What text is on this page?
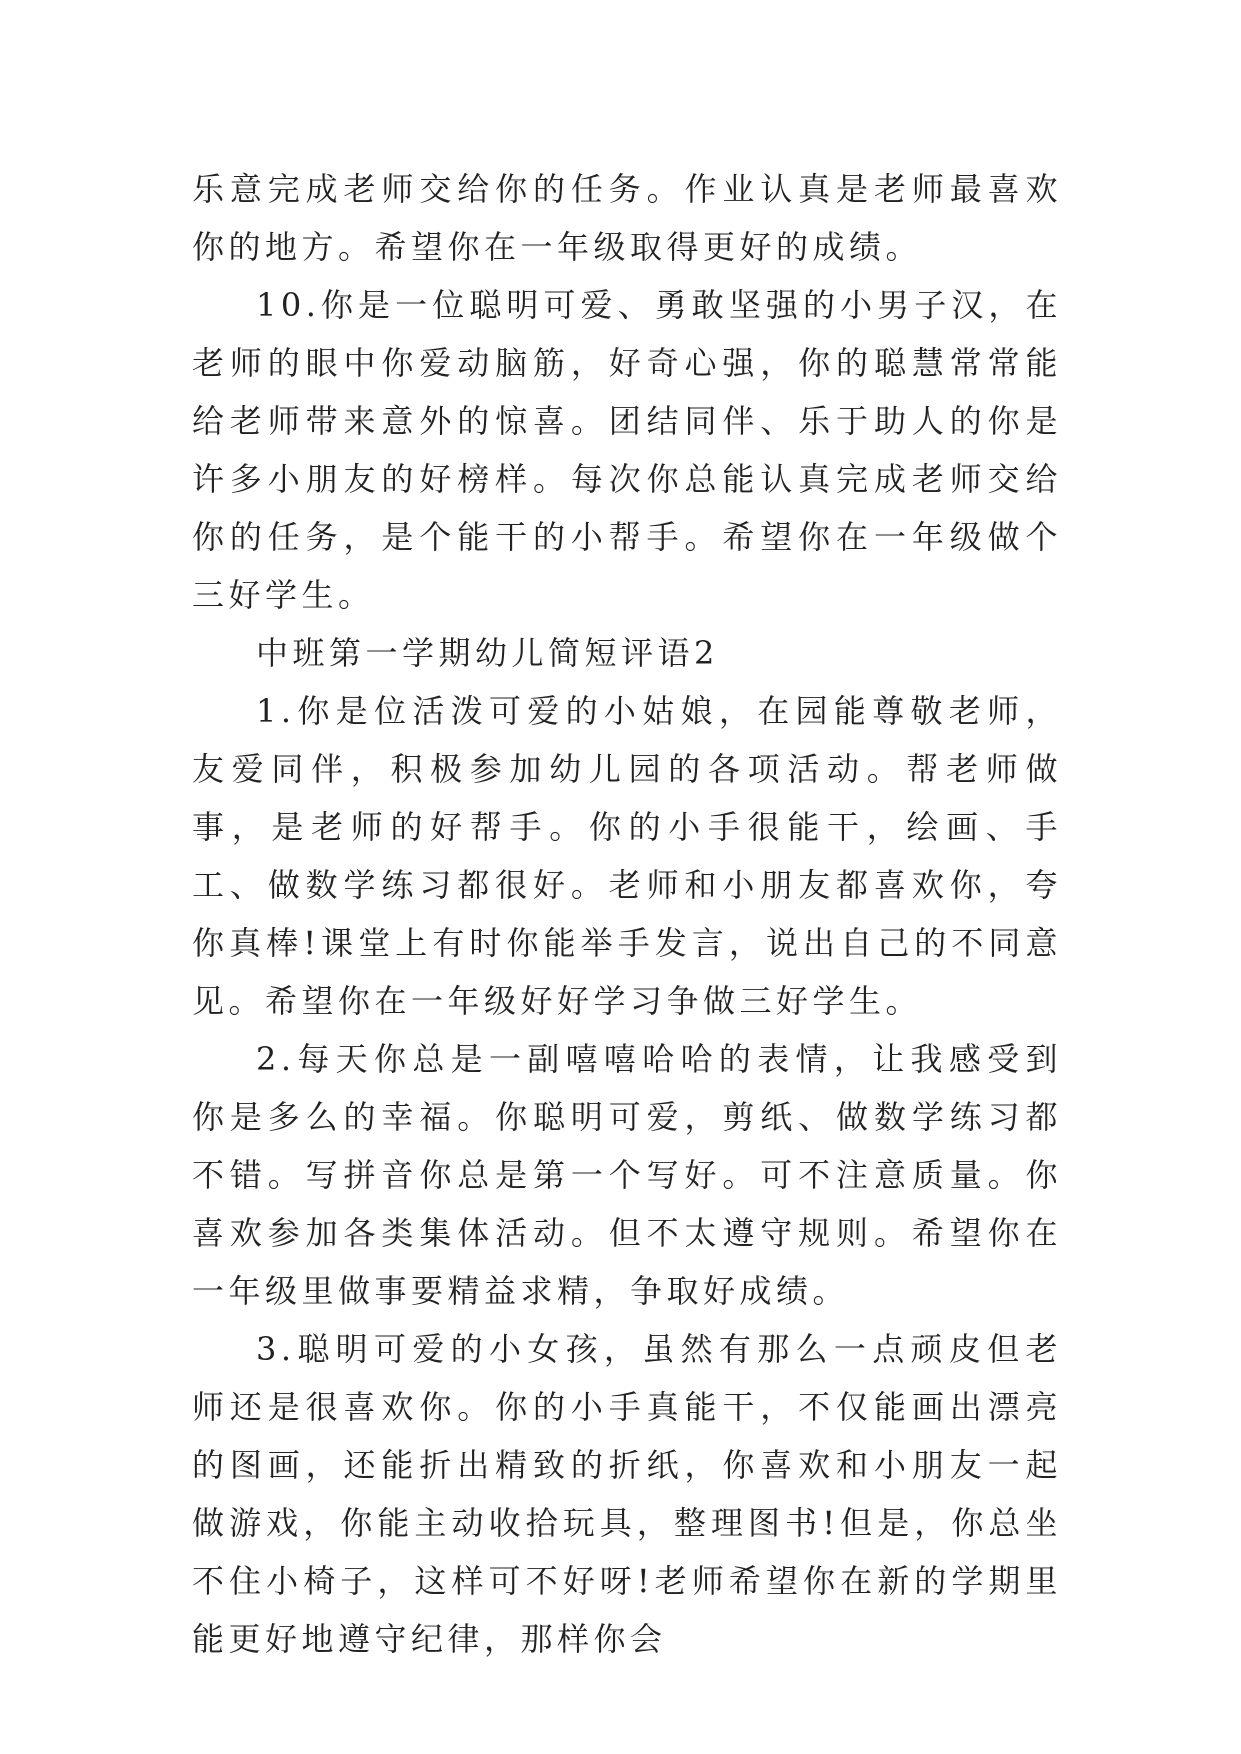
乐意完成老师交给你的任务。作业认真是老师最喜欢你的地方。希望你在一年级取得更好的成绩。

10.你是一位聪明可爱、勇敢坚强的小男子汉，在老师的眼中你爱动脑筋，好奇心强，你的聪慧常常能给老师带来意外的惊喜。团结同伴、乐于助人的你是许多小朋友的好榜样。每次你总能认真完成老师交给你的任务，是个能干的小帮手。希望你在一年级做个三好学生。

中班第一学期幼儿简短评语2

1.你是位活泼可爱的小姑娘，在园能尊敬老师，友爱同伴，积极参加幼儿园的各项活动。帮老师做事，是老师的好帮手。你的小手很能干，绘画、手工、做数学练习都很好。老师和小朋友都喜欢你，夸你真棒!课堂上有时你能举手发言，说出自己的不同意见。希望你在一年级好好学习争做三好学生。

2.每天你总是一副嘻嘻哈哈的表情，让我感受到你是多么的幸福。你聪明可爱，剪纸、做数学练习都不错。写拼音你总是第一个写好。可不注意质量。你喜欢参加各类集体活动。但不太遵守规则。希望你在一年级里做事要精益求精，争取好成绩。

3.聪明可爱的小女孩，虽然有那么一点顽皮但老师还是很喜欢你。你的小手真能干，不仅能画出漂亮的图画，还能折出精致的折纸，你喜欢和小朋友一起做游戏，你能主动收拾玩具，整理图书!但是，你总坐不住小椅子，这样可不好呀!老师希望你在新的学期里能更好地遵守纪律，那样你会
